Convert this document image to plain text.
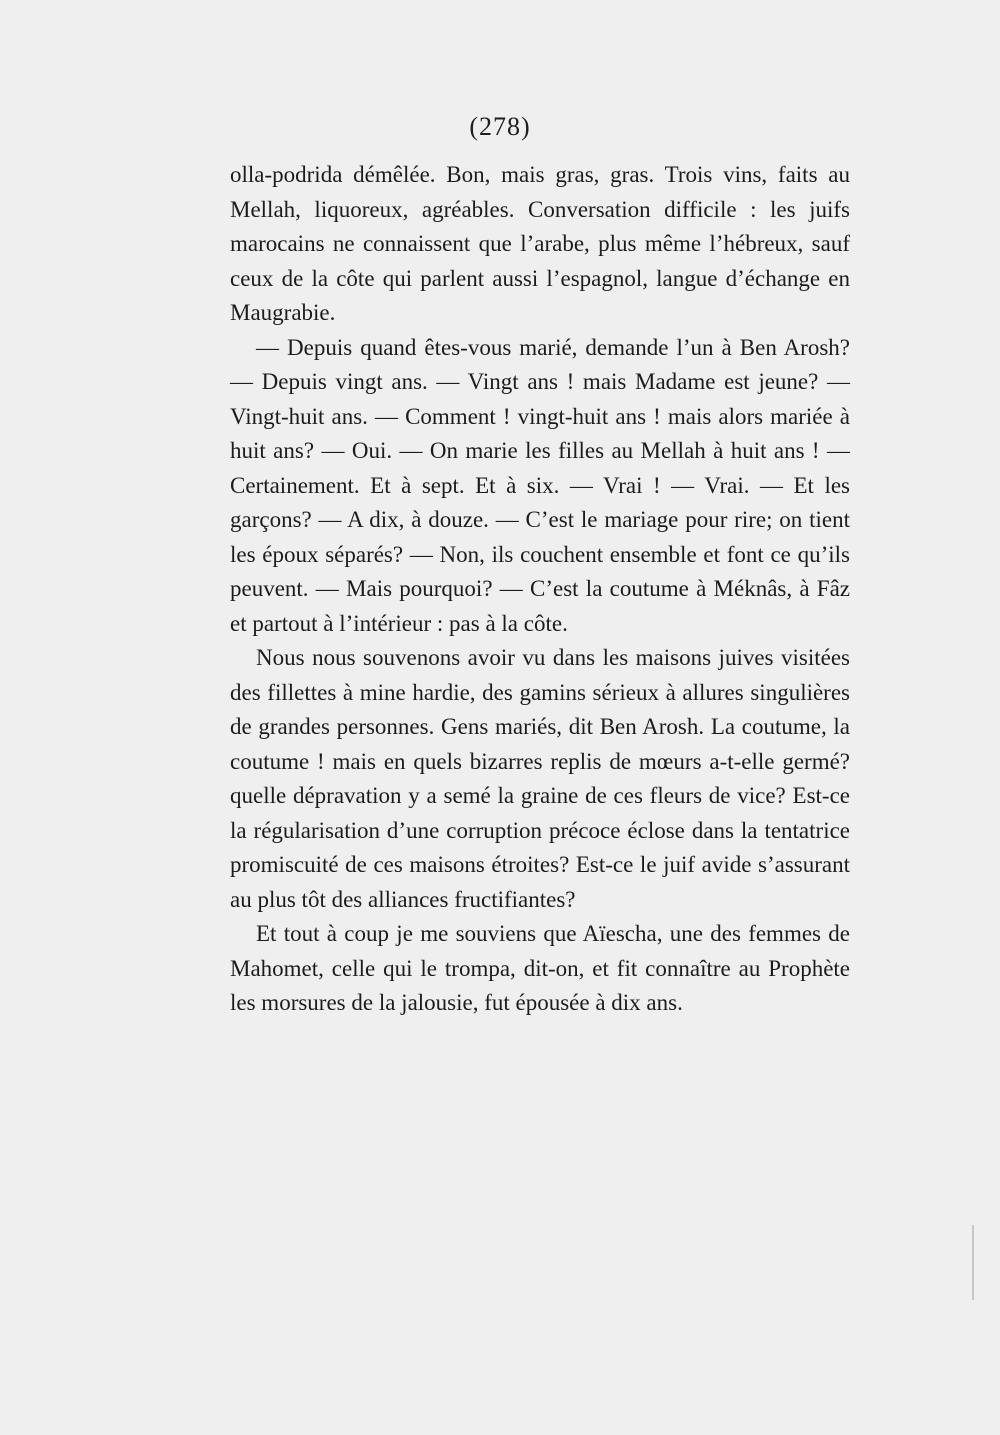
(278)

olla-podrida démêlée. Bon, mais gras, gras. Trois vins, faits au Mellah, liquoreux, agréables. Conversation difficile : les juifs marocains ne connaissent que l’arabe, plus même l’hébreux, sauf ceux de la côte qui parlent aussi l’espagnol, langue d’échange en Maugrabie.

— Depuis quand êtes-vous marié, demande l’un à Ben Arosh? — Depuis vingt ans. — Vingt ans ! mais Madame est jeune? — Vingt-huit ans. — Comment ! vingt-huit ans ! mais alors mariée à huit ans? — Oui. — On marie les filles au Mellah à huit ans ! — Certainement. Et à sept. Et à six. — Vrai ! — Vrai. — Et les garçons? — A dix, à douze. — C’est le mariage pour rire; on tient les époux séparés? — Non, ils couchent ensemble et font ce qu’ils peuvent. — Mais pourquoi? — C’est la coutume à Méknâs, à Fâz et partout à l’intérieur : pas à la côte.

Nous nous souvenons avoir vu dans les maisons juives visitées des fillettes à mine hardie, des gamins sérieux à allures singulières de grandes personnes. Gens mariés, dit Ben Arosh. La coutume, la coutume ! mais en quels bizarres replis de mœurs a-t-elle germé? quelle dépravation y a semé la graine de ces fleurs de vice? Est-ce la régularisation d’une corruption précoce éclose dans la tentatrice promiscuité de ces maisons étroites? Est-ce le juif avide s’assurant au plus tôt des alliances fructifiantes?

Et tout à coup je me souviens que Aïescha, une des femmes de Mahomet, celle qui le trompa, dit-on, et fit connaître au Prophète les morsures de la jalousie, fut épousée à dix ans.
